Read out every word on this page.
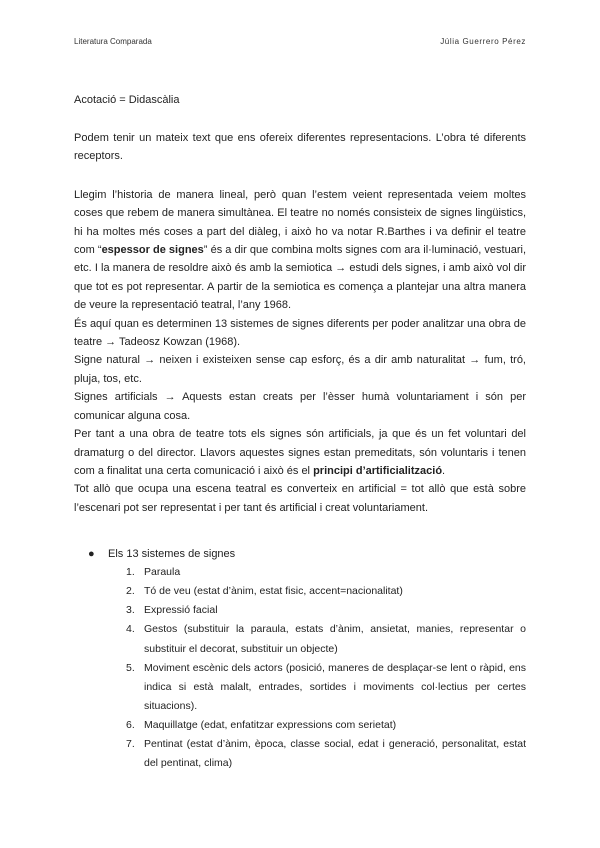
Literatura Comparada	Júlia Guerrero Pérez

Acotació = Didascàlia

Podem tenir un mateix text que ens ofereix diferentes representacions. L’obra té diferents receptors.

Llegim l’historia de manera lineal, però quan l’estem veient representada veiem moltes coses que rebem de manera simultànea. El teatre no només consisteix de signes lingüistics, hi ha moltes més coses a part del diàleg, i això ho va notar R.Barthes i va definir el teatre com “espessor de signes” és a dir que combina molts signes com ara il·luminació, vestuari, etc. I la manera de resoldre això és amb la semiotica → estudi dels signes, i amb això vol dir que tot es pot representar. A partir de la semiotica es comença a plantejar una altra manera de veure la representació teatral, l’any 1968.

És aquí quan es determinen 13 sistemes de signes diferents per poder analitzar una obra de teatre → Tadeosz Kowzan (1968).

Signe natural → neixen i existeixen sense cap esforç, és a dir amb naturalitat → fum, tró, pluja, tos, etc.

Signes artificials → Aquests estan creats per l’èsser humà voluntariament i són per comunicar alguna cosa.

Per tant a una obra de teatre tots els signes són artificials, ja que és un fet voluntari del dramaturg o del director. Llavors aquestes signes estan premeditats, són voluntaris i tenen com a finalitat una certa comunicació i això és el principi d’artificialització.

Tot allò que ocupa una escena teatral es converteix en artificial = tot allò que està sobre l’escenari pot ser representat i per tant és artificial i creat voluntariament.

● Els 13 sistemes de signes
1. Paraula
2. Tó de veu (estat d’ànim, estat fisic, accent=nacionalitat)
3. Expressió facial
4. Gestos (substituir la paraula, estats d’ànim, ansietat, manies, representar o substituir el decorat, substituir un objecte)
5. Moviment escènic dels actors (posició, maneres de desplaçar-se lent o ràpid, ens indica si està malalt, entrades, sortides i moviments col·lectius per certes situacions).
6. Maquillatge (edat, enfatitzar expressions com serietat)
7. Pentinat (estat d’ànim, època, classe social, edat i generació, personalitat, estat del pentinat, clima)
